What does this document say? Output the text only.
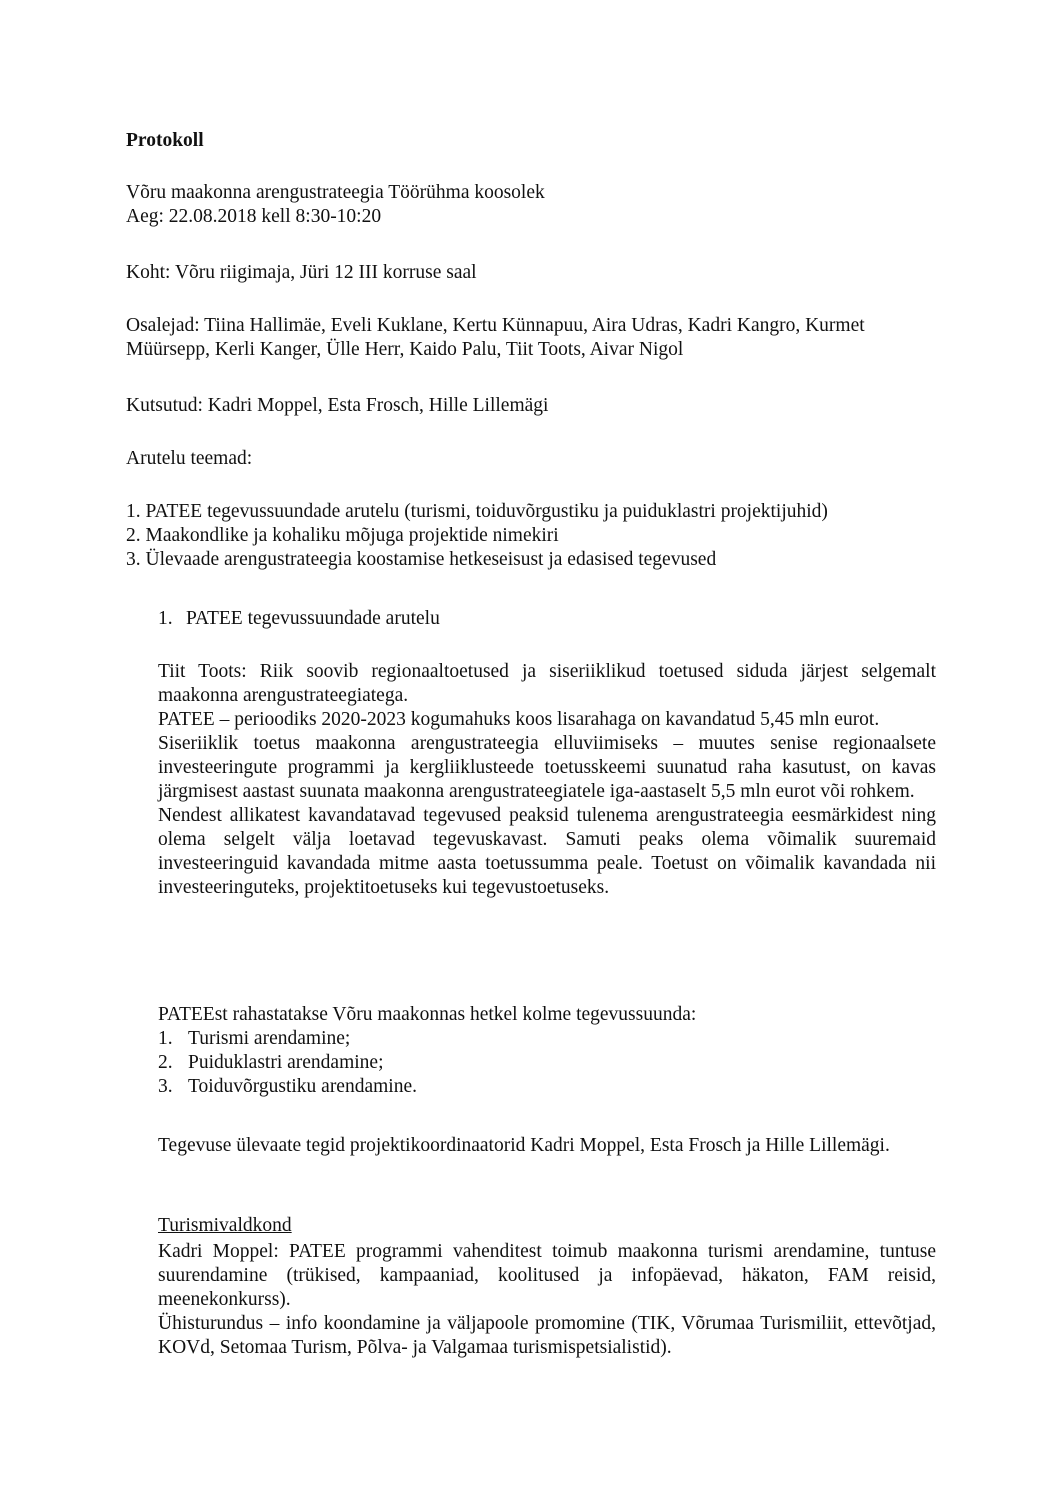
Protokoll

Võru maakonna arengustrateegia Töörühma koosolek
Aeg: 22.08.2018 kell 8:30-10:20
Koht: Võru riigimaja, Jüri 12 III korruse saal
Osalejad: Tiina Hallimäe, Eveli Kuklane, Kertu Künnapuu, Aira Udras, Kadri Kangro, Kurmet
Müürsepp, Kerli Kanger, Ülle Herr, Kaido Palu, Tiit Toots, Aivar Nigol
Kutsutud: Kadri Moppel, Esta Frosch, Hille Lillemägi
Arutelu teemad:
1. PATEE tegevussuundade arutelu (turismi, toiduvõrgustiku ja puiduklastri projektijuhid)
2. Maakondlike ja kohaliku mõjuga projektide nimekiri
3. Ülevaade arengustrateegia koostamise hetkeseisust ja edasised tegevused
1. PATEE tegevussuundade arutelu
Tiit Toots: Riik soovib regionaaltoetused ja siseriiklikud toetused siduda järjest selgemalt maakonna arengustrateegiatega.
PATEE – perioodiks 2020-2023 kogumahuks koos lisarahaga on kavandatud 5,45 mln eurot.
Siseriiklik toetus maakonna arengustrateegia elluviimiseks – muutes senise regionaalsete investeeringute programmi ja kergliiklusteede toetusskeemi suunatud raha kasutust, on kavas järgmisest aastast suunata maakonna arengustrateegiatele iga-aastaselt 5,5 mln eurot või rohkem.
Nendest allikatest kavandatavad tegevused peaksid tulenema arengustrateegia eesmärkidest ning olema selgelt välja loetavad tegevuskavast. Samuti peaks olema võimalik suuremaid investeeringuid kavandada mitme aasta toetussumma peale. Toetust on võimalik kavandada nii investeeringuteks, projektitoetuseks kui tegevustoetuseks.
PATEEst rahastatakse Võru maakonnas hetkel kolme tegevussuunda:
1. Turismi arendamine;
2. Puiduklastri arendamine;
3. Toiduvõrgustiku arendamine.
Tegevuse ülevaate tegid projektikoordinaatorid Kadri Moppel, Esta Frosch ja Hille Lillemägi.
Turismivaldkond
Kadri Moppel: PATEE programmi vahenditest toimub maakonna turismi arendamine, tuntuse suurendamine (trükised, kampaaniad, koolitused ja infopäevad, häkaton, FAM reisid, meenekonkurss).
Ühisturundus – info koondamine ja väljapoole promomine (TIK, Võrumaa Turismiliit, ettevõtjad, KOVd, Setomaa Turism, Põlva- ja Valgamaa turismispetsialistid).
